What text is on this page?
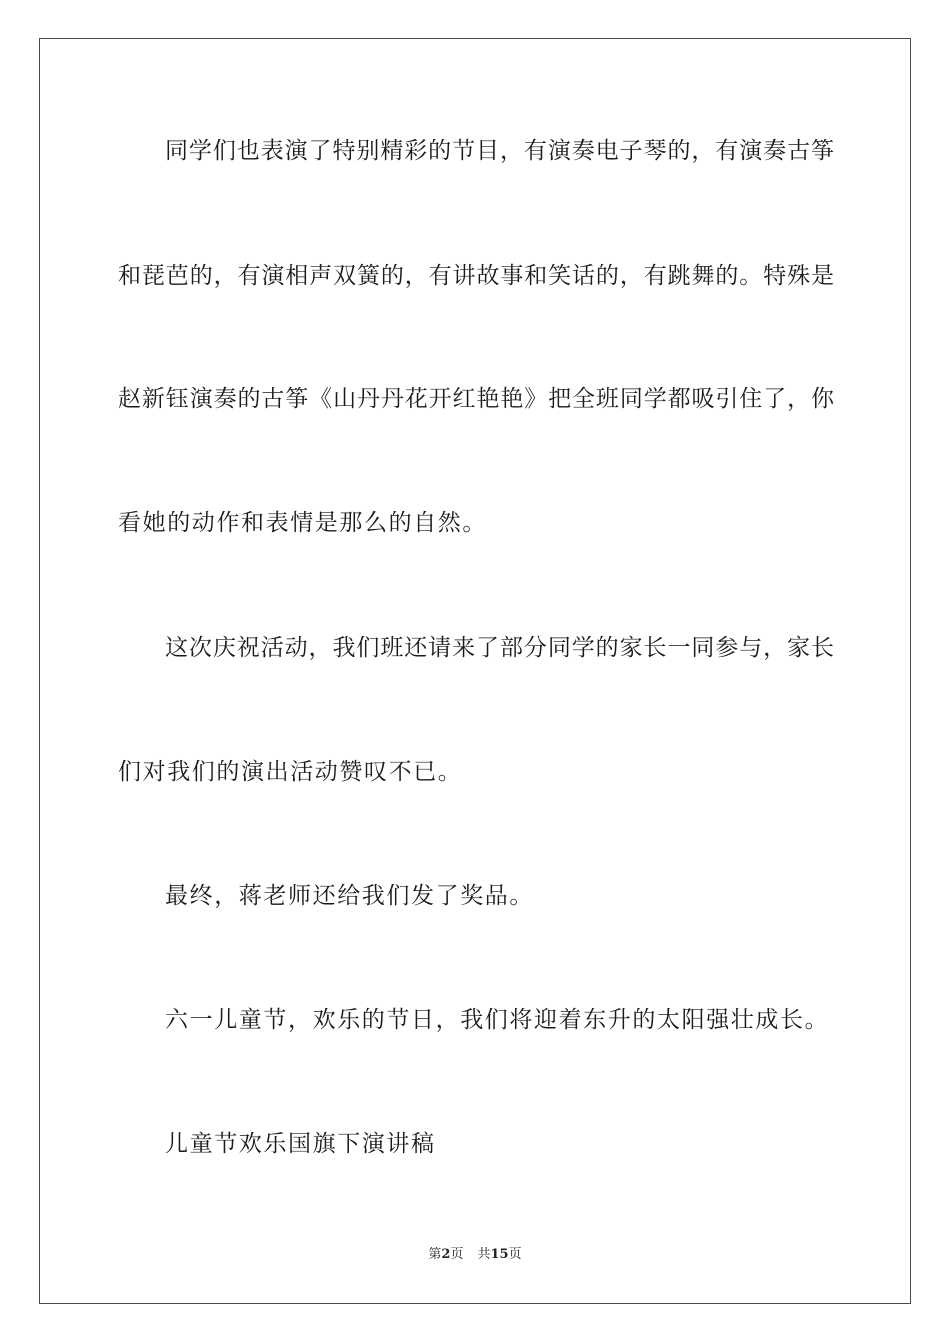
同学们也表演了特别精彩的节目，有演奏电子琴的，有演奏古筝
和琵芭的，有演相声双簧的，有讲故事和笑话的，有跳舞的。特殊是
赵新钰演奏的古筝《山丹丹花开红艳艳》把全班同学都吸引住了，你
看她的动作和表情是那么的自然。
这次庆祝活动，我们班还请来了部分同学的家长一同参与，家长
们对我们的演出活动赞叹不已。
最终，蒋老师还给我们发了奖品。
六一儿童节，欢乐的节日，我们将迎着东升的太阳强壮成长。
儿童节欢乐国旗下演讲稿
第2页 共15页
